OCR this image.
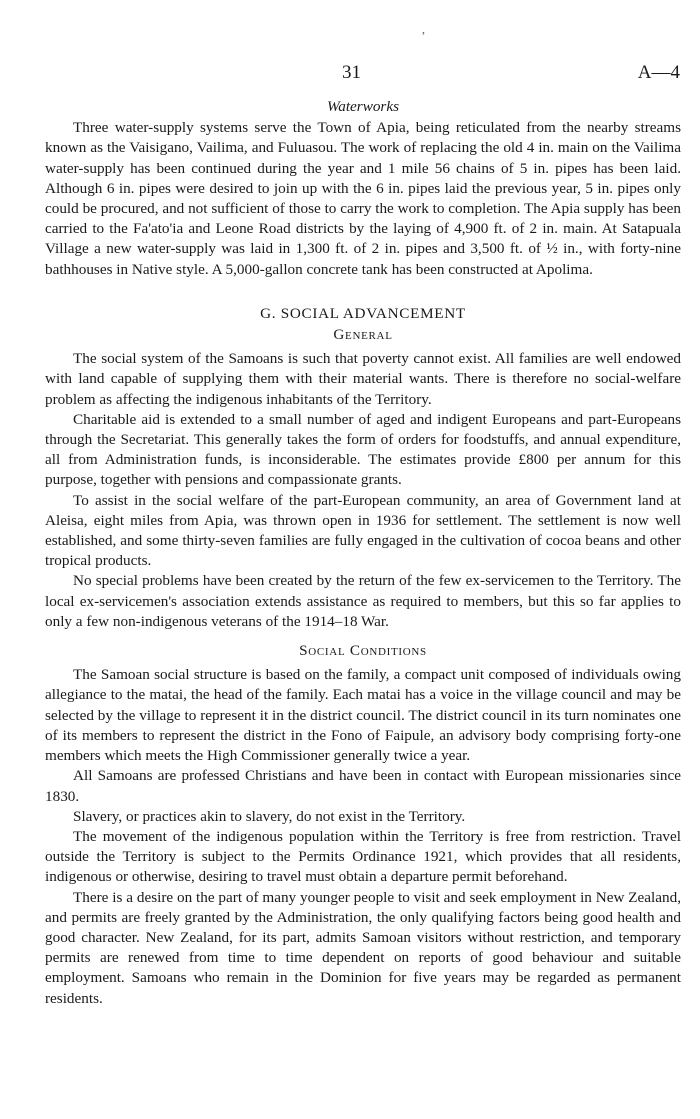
,
31	A—4
Waterworks

Three water-supply systems serve the Town of Apia, being reticulated from the nearby streams known as the Vaisigano, Vailima, and Fuluasou. The work of replacing the old 4 in. main on the Vailima water-supply has been continued during the year and 1 mile 56 chains of 5 in. pipes has been laid. Although 6 in. pipes were desired to join up with the 6 in. pipes laid the previous year, 5 in. pipes only could be procured, and not sufficient of those to carry the work to completion. The Apia supply has been carried to the Fa'ato'ia and Leone Road districts by the laying of 4,900 ft. of 2 in. main. At Satapuala Village a new water-supply was laid in 1,300 ft. of 2 in. pipes and 3,500 ft. of ½ in., with forty-nine bathhouses in Native style. A 5,000-gallon concrete tank has been constructed at Apolima.

G. SOCIAL ADVANCEMENT
General

The social system of the Samoans is such that poverty cannot exist. All families are well endowed with land capable of supplying them with their material wants. There is therefore no social-welfare problem as affecting the indigenous inhabitants of the Territory.

Charitable aid is extended to a small number of aged and indigent Europeans and part-Europeans through the Secretariat. This generally takes the form of orders for foodstuffs, and annual expenditure, all from Administration funds, is inconsiderable. The estimates provide £800 per annum for this purpose, together with pensions and compassionate grants.

To assist in the social welfare of the part-European community, an area of Government land at Aleisa, eight miles from Apia, was thrown open in 1936 for settlement. The settlement is now well established, and some thirty-seven families are fully engaged in the cultivation of cocoa beans and other tropical products.

No special problems have been created by the return of the few ex-servicemen to the Territory. The local ex-servicemen's association extends assistance as required to members, but this so far applies to only a few non-indigenous veterans of the 1914–18 War.

Social Conditions

The Samoan social structure is based on the family, a compact unit composed of individuals owing allegiance to the matai, the head of the family. Each matai has a voice in the village council and may be selected by the village to represent it in the district council. The district council in its turn nominates one of its members to represent the district in the Fono of Faipule, an advisory body comprising forty-one members which meets the High Commissioner generally twice a year.

All Samoans are professed Christians and have been in contact with European missionaries since 1830.

Slavery, or practices akin to slavery, do not exist in the Territory.

The movement of the indigenous population within the Territory is free from restriction. Travel outside the Territory is subject to the Permits Ordinance 1921, which provides that all residents, indigenous or otherwise, desiring to travel must obtain a departure permit beforehand.

There is a desire on the part of many younger people to visit and seek employment in New Zealand, and permits are freely granted by the Administration, the only qualifying factors being good health and good character. New Zealand, for its part, admits Samoan visitors without restriction, and temporary permits are renewed from time to time dependent on reports of good behaviour and suitable employment. Samoans who remain in the Dominion for five years may be regarded as permanent residents.
